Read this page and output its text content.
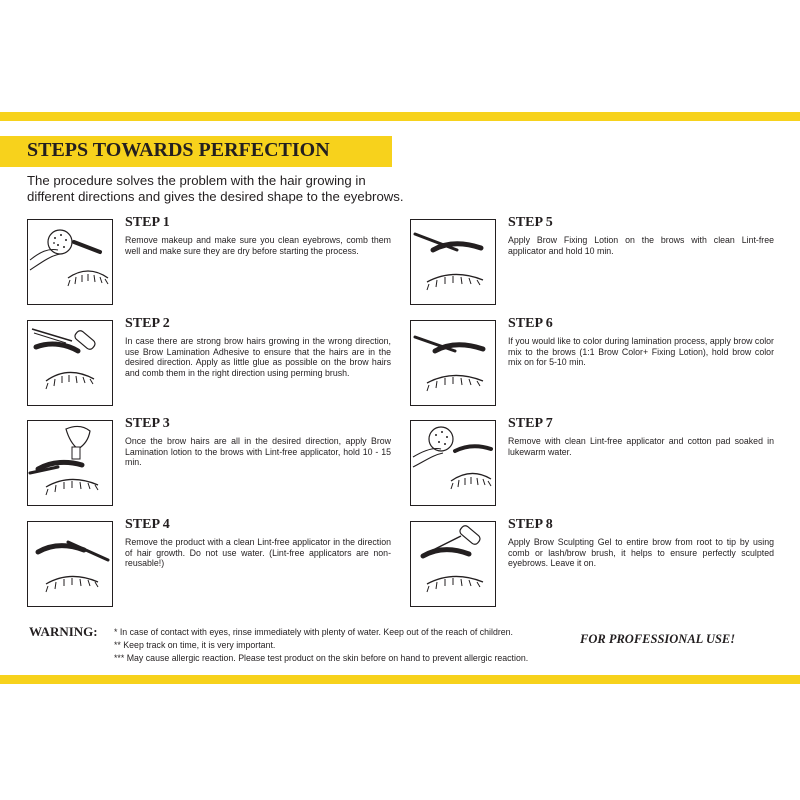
STEPS TOWARDS PERFECTION
The procedure solves the problem with the hair growing in different directions and gives the desired shape to the eyebrows.
STEP 1
Remove makeup and make sure you clean eyebrows, comb them well and make sure they are dry before starting the process.
STEP 2
In case there are strong brow hairs growing in the wrong direction, use Brow Lamination Adhesive to ensure that the hairs are in the desired direction. Apply as little glue as possible on the brow hairs and comb them in the right direction using perming brush.
STEP 3
Once the brow hairs are all in the desired direction, apply Brow Lamination lotion to the brows with Lint-free applicator, hold 10 - 15 min.
STEP 4
Remove the product with a clean Lint-free applicator in the direction of hair growth. Do not use water. (Lint-free applicators are non-reusable!)
STEP 5
Apply Brow Fixing Lotion on the brows with clean Lint-free applicator and hold 10 min.
STEP 6
If you would like to color during lamination process, apply brow color mix to the brows (1:1 Brow Color+ Fixing Lotion), hold brow color mix on for 5-10 min.
STEP 7
Remove with clean Lint-free applicator and cotton pad soaked in lukewarm water.
STEP 8
Apply Brow Sculpting Gel to entire brow from root to tip by using comb or lash/brow brush, it helps to ensure perfectly sculpted eyebrows. Leave it on.
WARNING: * In case of contact with eyes, rinse immediately with plenty of water. Keep out of the reach of children.
** Keep track on time, it is very important.
*** May cause allergic reaction. Please test product on the skin before on hand to prevent allergic reaction.
FOR PROFESSIONAL USE!
